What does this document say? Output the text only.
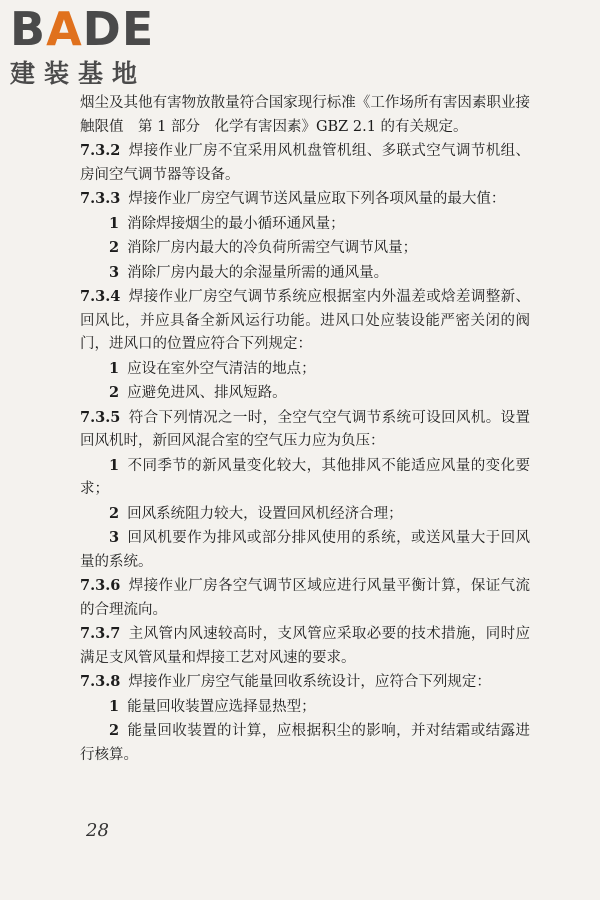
BADE
建装基地

烟尘及其他有害物放散量符合国家现行标准《工作场所有害因素职业接触限值　第 1 部分　化学有害因素》GBZ 2.1 的有关规定。

7.3.2 焊接作业厂房不宜采用风机盘管机组、多联式空气调节机组、房间空气调节器等设备。

7.3.3 焊接作业厂房空气调节送风量应取下列各项风量的最大值：

1 消除焊接烟尘的最小循环通风量；

2 消除厂房内最大的冷负荷所需空气调节风量；

3 消除厂房内最大的余湿量所需的通风量。

7.3.4 焊接作业厂房空气调节系统应根据室内外温差或焓差调整新、回风比，并应具备全新风运行功能。进风口处应装设能严密关闭的阀门，进风口的位置应符合下列规定：

1 应设在室外空气清洁的地点；

2 应避免进风、排风短路。

7.3.5 符合下列情况之一时，全空气空气调节系统可设回风机。设置回风机时，新回风混合室的空气压力应为负压：

1 不同季节的新风量变化较大，其他排风不能适应风量的变化要求；

2 回风系统阻力较大，设置回风机经济合理；

3 回风机要作为排风或部分排风使用的系统，或送风量大于回风量的系统。

7.3.6 焊接作业厂房各空气调节区域应进行风量平衡计算，保证气流的合理流向。

7.3.7 主风管内风速较高时，支风管应采取必要的技术措施，同时应满足支风管风量和焊接工艺对风速的要求。

7.3.8 焊接作业厂房空气能量回收系统设计，应符合下列规定：

1 能量回收装置应选择显热型；

2 能量回收装置的计算，应根据积尘的影响，并对结霜或结露进行核算。

28
